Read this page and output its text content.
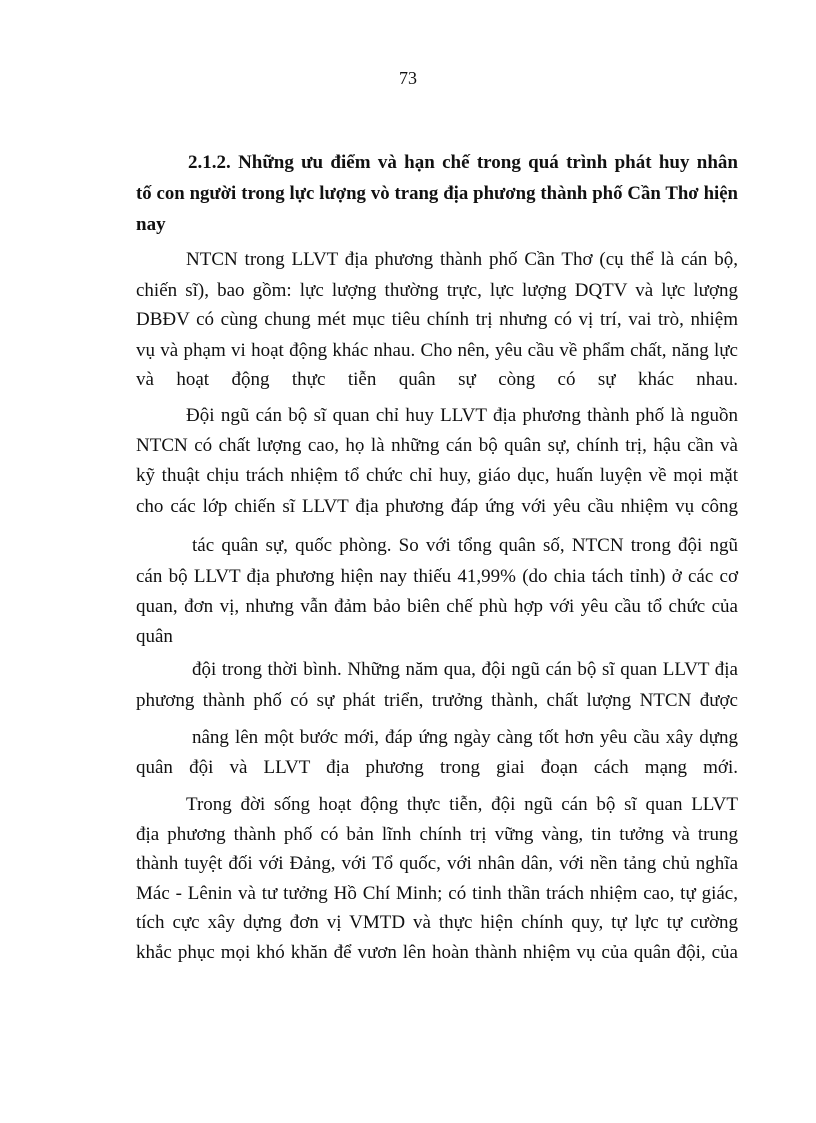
73
2.1.2. Những ưu điểm và hạn chế trong quá trình phát huy nhân
tố con người trong lực lượng vò trang địa phương thành phố Cần Thơ hiện
nay
NTCN trong LLVT địa phương thành phố Cần Thơ (cụ thể là cán bộ,
chiến sĩ), bao gồm: lực lượng thường trực, lực lượng DQTV và lực lượng
DBĐV có cùng chung mét mục tiêu chính trị nhưng có vị trí, vai trò, nhiệm
vụ và phạm vi hoạt động khác nhau. Cho nên, yêu cầu về phẩm chất, năng lực
và hoạt động thực tiễn quân sự còng có sự khác nhau.
Đội ngũ cán bộ sĩ quan chỉ huy LLVT địa phương thành phố là nguồn
NTCN có chất lượng cao, họ là những cán bộ quân sự, chính trị, hậu cần và
kỹ thuật chịu trách nhiệm tổ chức chỉ huy, giáo dục, huấn luyện về mọi mặt
cho các lớp chiến sĩ LLVT địa phương đáp ứng với yêu cầu nhiệm vụ công
tác quân sự, quốc phòng. So với tổng quân số, NTCN trong đội ngũ
cán bộ LLVT địa phương hiện nay thiếu 41,99% (do chia tách tỉnh) ở các cơ
quan, đơn vị, nhưng vẫn đảm bảo biên chế phù hợp với yêu cầu tổ chức của
quân
đội trong thời bình. Những năm qua, đội ngũ cán bộ sĩ quan LLVT địa
phương thành phố có sự phát triển, trưởng thành, chất lượng NTCN được
nâng lên một bước mới, đáp ứng ngày càng tốt hơn yêu cầu xây dựng
quân đội và LLVT địa phương trong giai đoạn cách mạng mới.
Trong đời sống hoạt động thực tiễn, đội ngũ cán bộ sĩ quan LLVT
địa phương thành phố có bản lĩnh chính trị vững vàng, tin tưởng và trung
thành tuyệt đối với Đảng, với Tổ quốc, với nhân dân, với nền tảng chủ nghĩa
Mác - Lênin và tư tưởng Hồ Chí Minh; có tinh thần trách nhiệm cao, tự giác,
tích cực xây dựng đơn vị VMTD và thực hiện chính quy, tự lực tự cường
khắc phục mọi khó khăn để vươn lên hoàn thành nhiệm vụ của quân đội, của
